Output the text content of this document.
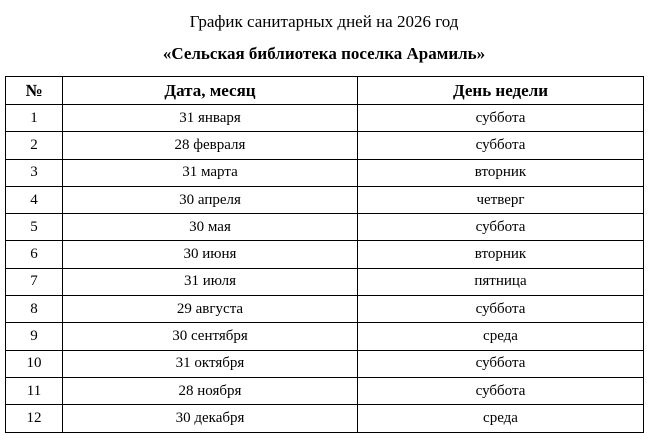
График санитарных дней на 2026 год
«Сельская библиотека поселка Арамиль»
№	Дата, месяц	День недели
1	31 января	суббота
2	28 февраля	суббота
3	31 марта	вторник
4	30 апреля	четверг
5	30 мая	суббота
6	30 июня	вторник
7	31 июля	пятница
8	29 августа	суббота
9	30 сентября	среда
10	31 октября	суббота
11	28 ноября	суббота
12	30 декабря	среда
